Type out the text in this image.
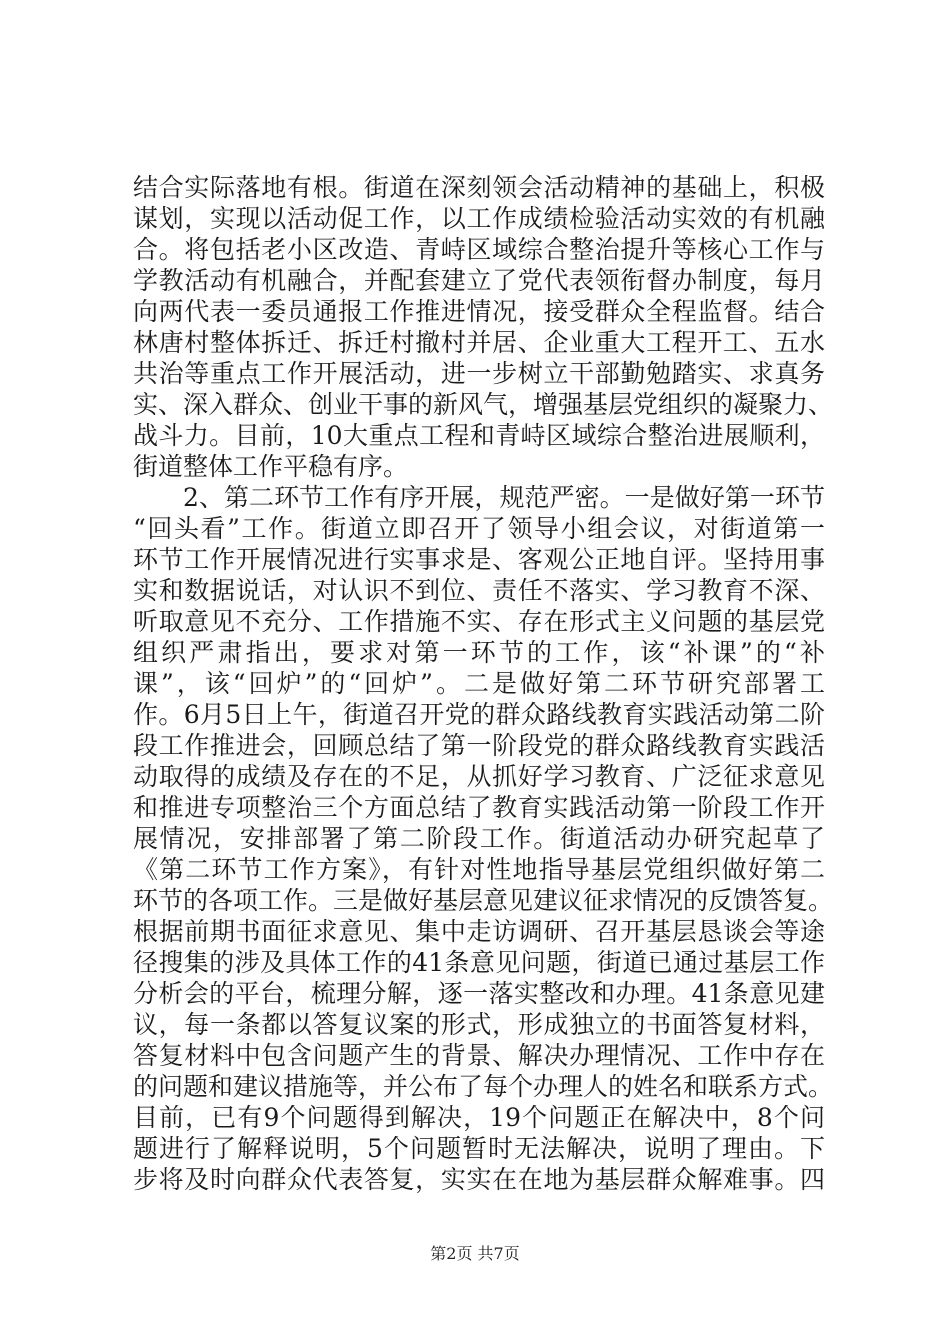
结合实际落地有根。街道在深刻领会活动精神的基础上，积极
谋划，实现以活动促工作，以工作成绩检验活动实效的有机融
合。将包括老小区改造、青峙区域综合整治提升等核心工作与
学教活动有机融合，并配套建立了党代表领衔督办制度，每月
向两代表一委员通报工作推进情况，接受群众全程监督。结合
林唐村整体拆迁、拆迁村撤村并居、企业重大工程开工、五水
共治等重点工作开展活动，进一步树立干部勤勉踏实、求真务
实、深入群众、创业干事的新风气，增强基层党组织的凝聚力、
战斗力。目前，10大重点工程和青峙区域综合整治进展顺利，
街道整体工作平稳有序。
2、第二环节工作有序开展，规范严密。一是做好第一环节
“回头看”工作。街道立即召开了领导小组会议，对街道第一
环节工作开展情况进行实事求是、客观公正地自评。坚持用事
实和数据说话，对认识不到位、责任不落实、学习教育不深、
听取意见不充分、工作措施不实、存在形式主义问题的基层党
组织严肃指出，要求对第一环节的工作，该“补课”的“补
课”，该“回炉”的“回炉”。二是做好第二环节研究部署工
作。6月5日上午，街道召开党的群众路线教育实践活动第二阶
段工作推进会，回顾总结了第一阶段党的群众路线教育实践活
动取得的成绩及存在的不足，从抓好学习教育、广泛征求意见
和推进专项整治三个方面总结了教育实践活动第一阶段工作开
展情况，安排部署了第二阶段工作。街道活动办研究起草了
《第二环节工作方案》，有针对性地指导基层党组织做好第二
环节的各项工作。三是做好基层意见建议征求情况的反馈答复。
根据前期书面征求意见、集中走访调研、召开基层恳谈会等途
径搜集的涉及具体工作的41条意见问题，街道已通过基层工作
分析会的平台，梳理分解，逐一落实整改和办理。41条意见建
议，每一条都以答复议案的形式，形成独立的书面答复材料，
答复材料中包含问题产生的背景、解决办理情况、工作中存在
的问题和建议措施等，并公布了每个办理人的姓名和联系方式。
目前，已有9个问题得到解决，19个问题正在解决中，8个问
题进行了解释说明，5个问题暂时无法解决，说明了理由。下
步将及时向群众代表答复，实实在在地为基层群众解难事。四
第2页 共7页
